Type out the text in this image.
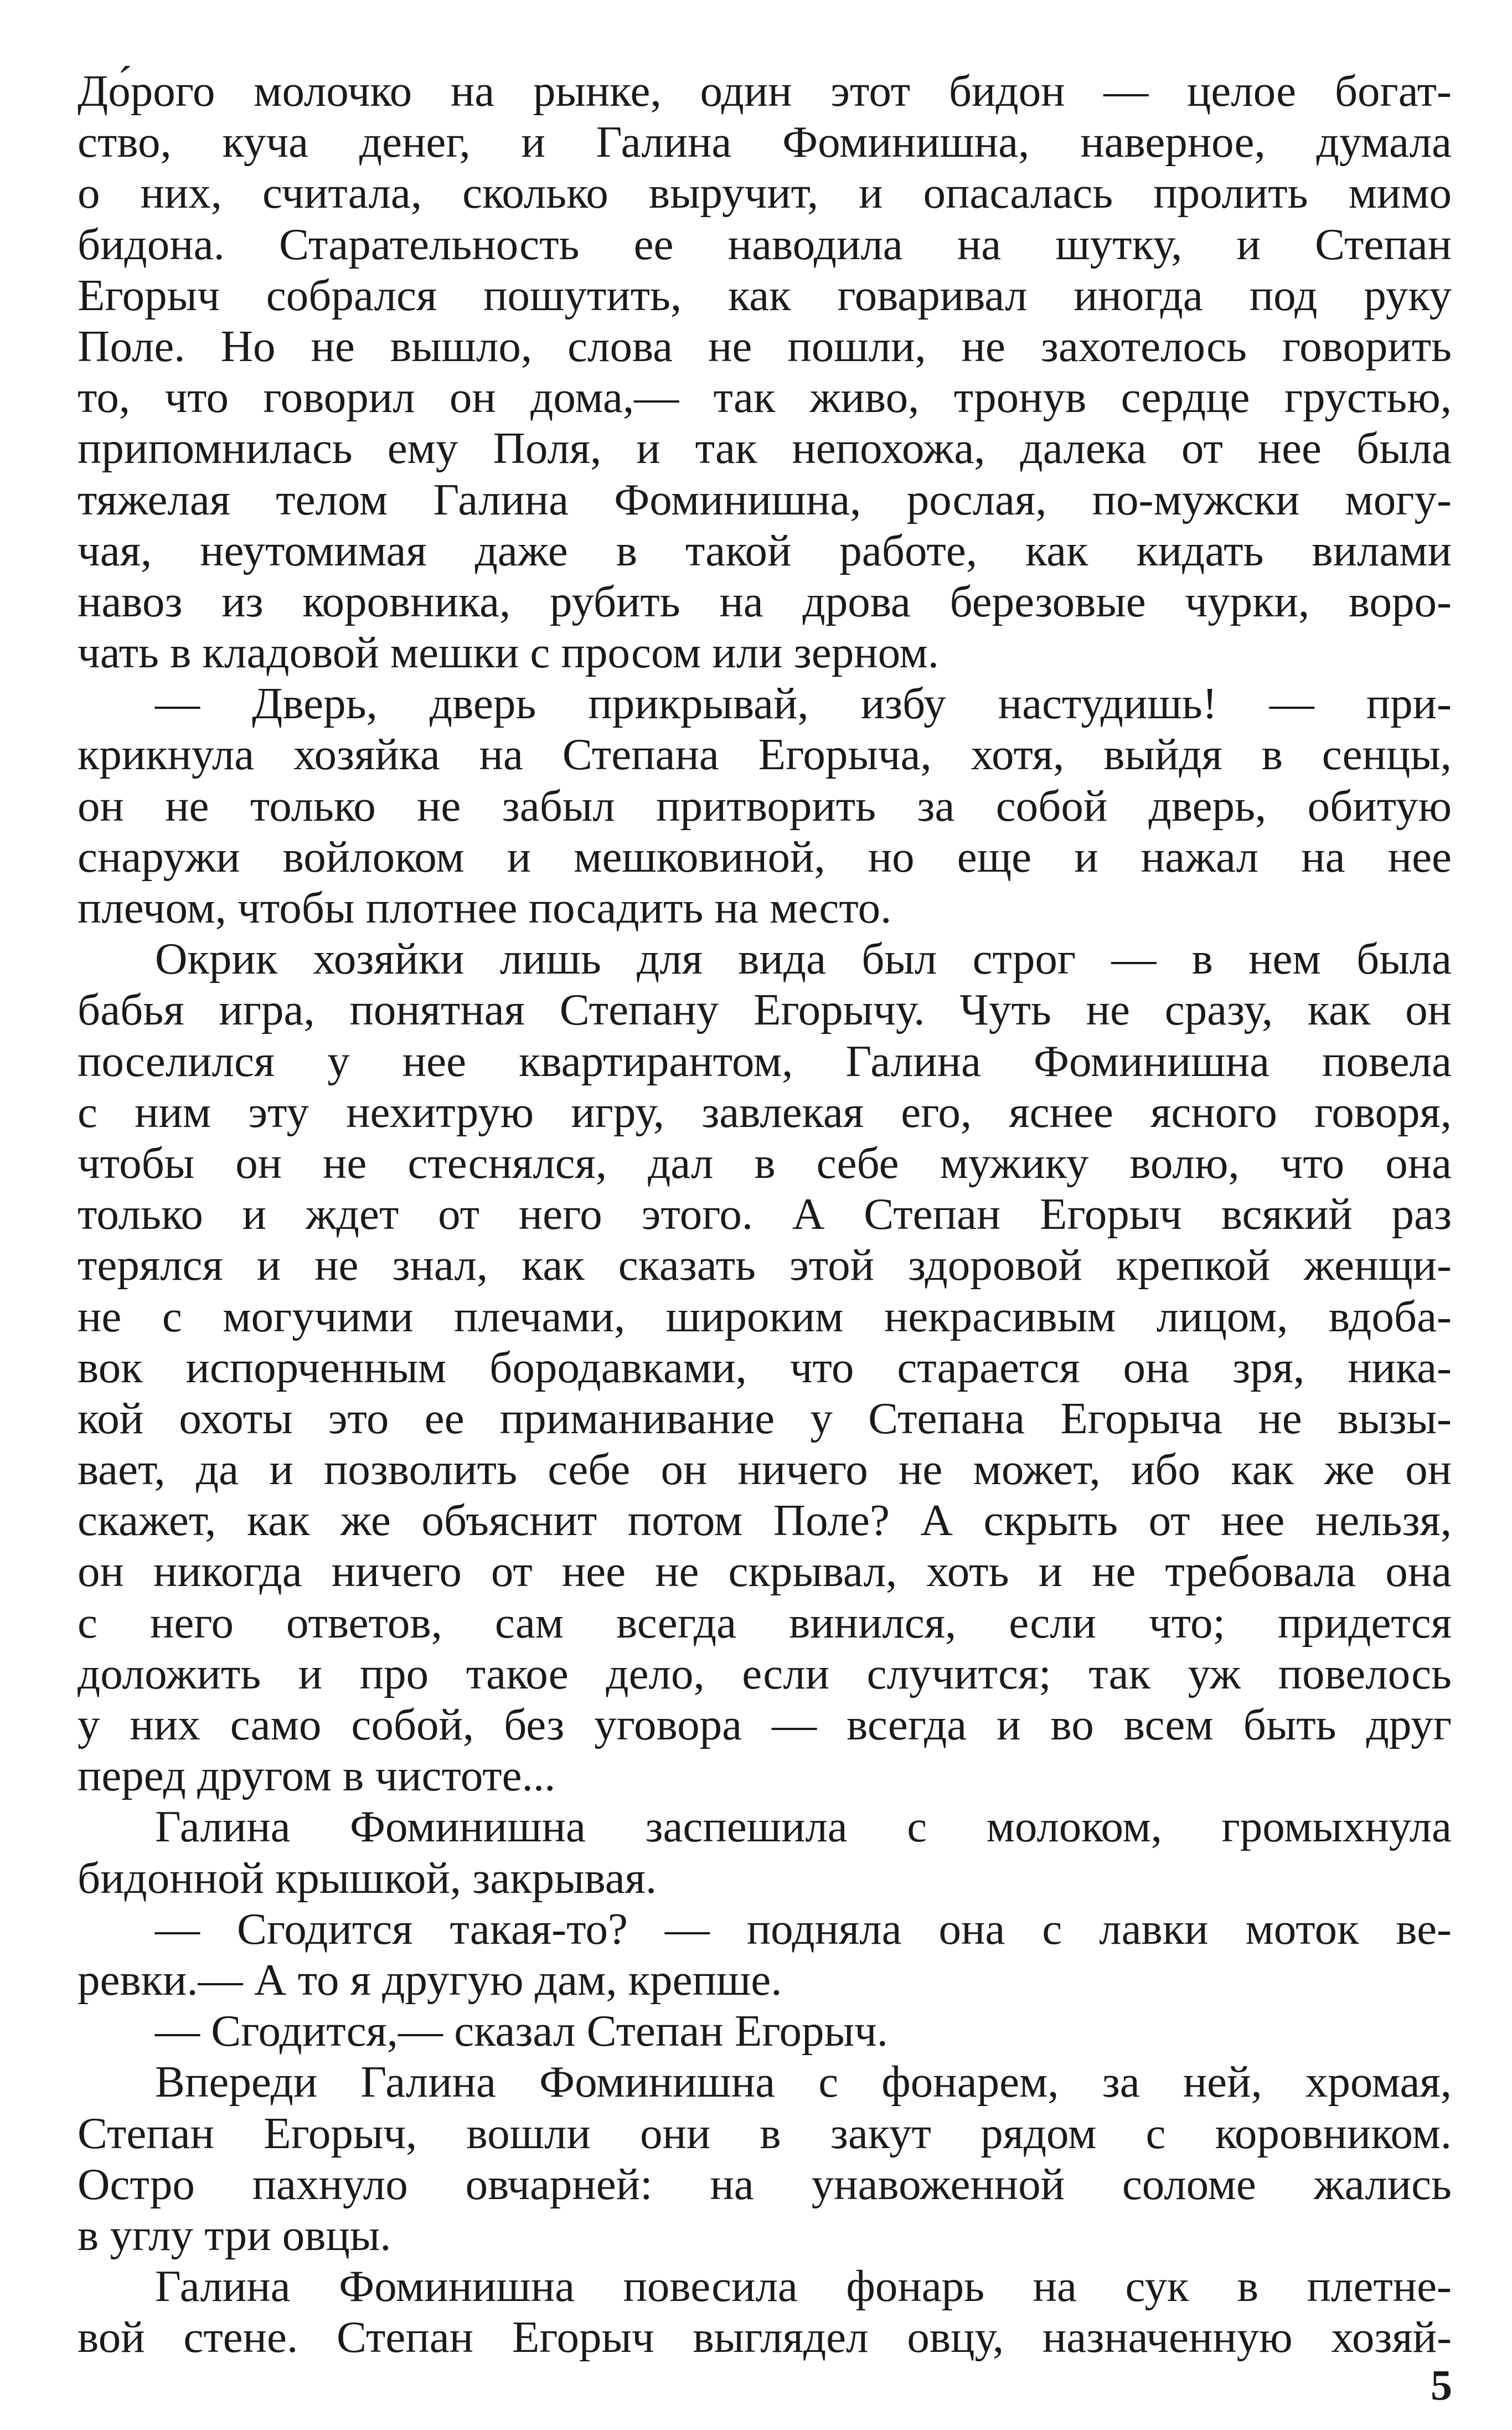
До́рого молочко на рынке, один этот бидон — целое богат-
ство, куча денег, и Галина Фоминишна, наверное, думала
о них, считала, сколько выручит, и опасалась пролить мимо
бидона. Старательность ее наводила на шутку, и Степан
Егорыч собрался пошутить, как говаривал иногда под руку
Поле. Но не вышло, слова не пошли, не захотелось говорить
то, что говорил он дома,— так живо, тронув сердце грустью,
припомнилась ему Поля, и так непохожа, далека от нее была
тяжелая телом Галина Фоминишна, рослая, по-мужски могу-
чая, неутомимая даже в такой работе, как кидать вилами
навоз из коровника, рубить на дрова березовые чурки, воро-
чать в кладовой мешки с просом или зерном.
— Дверь, дверь прикрывай, избу настудишь! — при-
крикнула хозяйка на Степана Егорыча, хотя, выйдя в сенцы,
он не только не забыл притворить за собой дверь, обитую
снаружи войлоком и мешковиной, но еще и нажал на нее
плечом, чтобы плотнее посадить на место.
Окрик хозяйки лишь для вида был строг — в нем была
бабья игра, понятная Степану Егорычу. Чуть не сразу, как он
поселился у нее квартирантом, Галина Фоминишна повела
с ним эту нехитрую игру, завлекая его, яснее ясного говоря,
чтобы он не стеснялся, дал в себе мужику волю, что она
только и ждет от него этого. А Степан Егорыч всякий раз
терялся и не знал, как сказать этой здоровой крепкой женщи-
не с могучими плечами, широким некрасивым лицом, вдоба-
вок испорченным бородавками, что старается она зря, ника-
кой охоты это ее приманивание у Степана Егорыча не вызы-
вает, да и позволить себе он ничего не может, ибо как же он
скажет, как же объяснит потом Поле? А скрыть от нее нельзя,
он никогда ничего от нее не скрывал, хоть и не требовала она
с него ответов, сам всегда винился, если что; придется
доложить и про такое дело, если случится; так уж повелось
у них само собой, без уговора — всегда и во всем быть друг
перед другом в чистоте...
Галина Фоминишна заспешила с молоком, громыхнула
бидонной крышкой, закрывая.
— Сгодится такая-то? — подняла она с лавки моток ве-
ревки.— А то я другую дам, крепше.
— Сгодится,— сказал Степан Егорыч.
Впереди Галина Фоминишна с фонарем, за ней, хромая,
Степан Егорыч, вошли они в закут рядом с коровником.
Остро пахнуло овчарней: на унавоженной соломе жались
в углу три овцы.
Галина Фоминишна повесила фонарь на сук в плетне-
вой стене. Степан Егорыч выглядел овцу, назначенную хозяй-
5
